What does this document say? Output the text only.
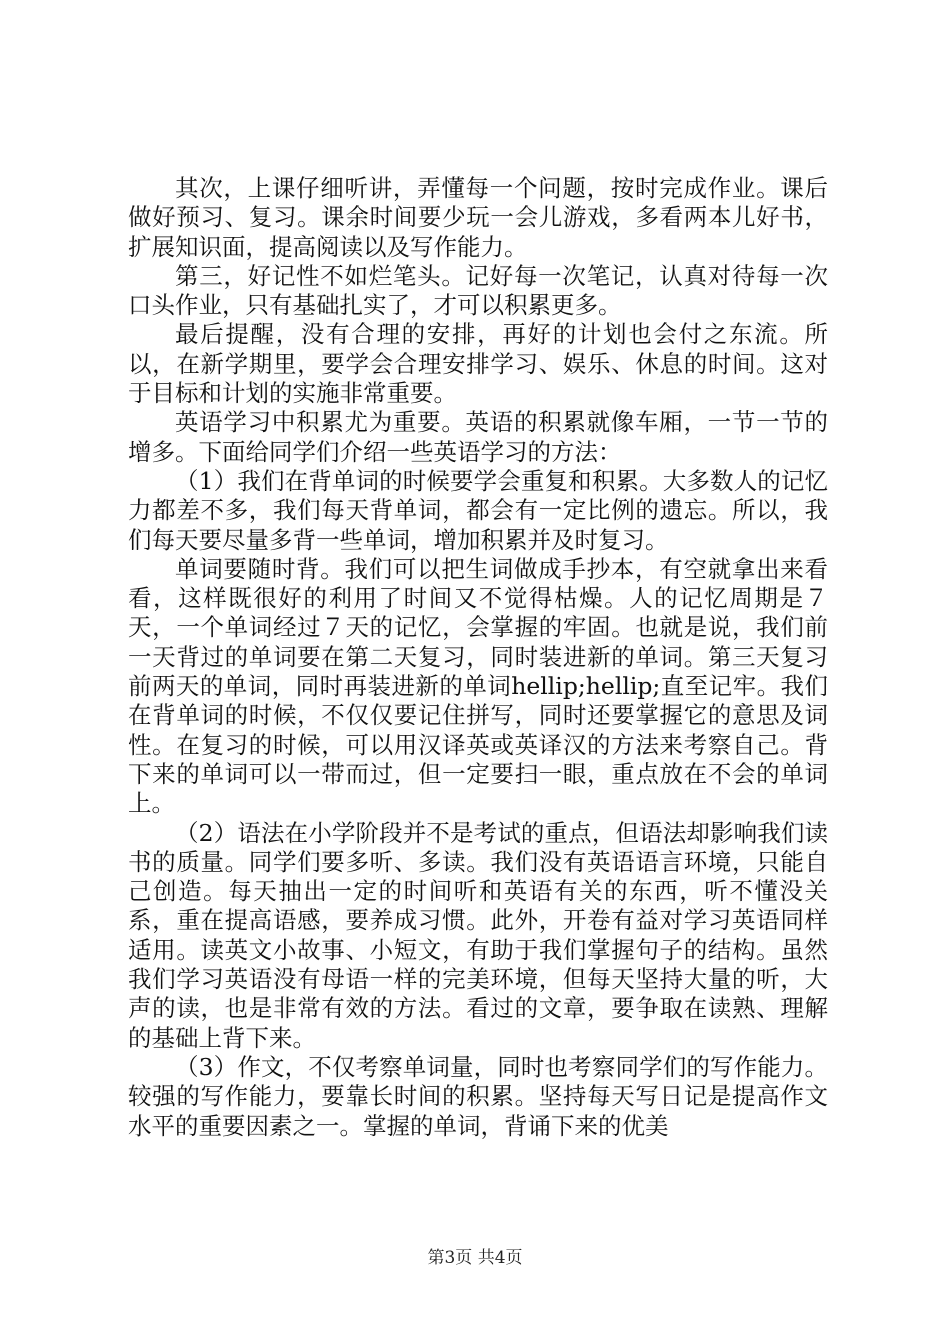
其次，上课仔细听讲，弄懂每一个问题，按时完成作业。课后做好预习、复习。课余时间要少玩一会儿游戏，多看两本儿好书，扩展知识面，提高阅读以及写作能力。

第三，好记性不如烂笔头。记好每一次笔记，认真对待每一次口头作业，只有基础扎实了，才可以积累更多。

最后提醒，没有合理的安排，再好的计划也会付之东流。所以，在新学期里，要学会合理安排学习、娱乐、休息的时间。这对于目标和计划的实施非常重要。

英语学习中积累尤为重要。英语的积累就像车厢，一节一节的增多。下面给同学们介绍一些英语学习的方法：

（1）我们在背单词的时候要学会重复和积累。大多数人的记忆力都差不多，我们每天背单词，都会有一定比例的遗忘。所以，我们每天要尽量多背一些单词，增加积累并及时复习。

单词要随时背。我们可以把生词做成手抄本，有空就拿出来看看，这样既很好的利用了时间又不觉得枯燥。人的记忆周期是７天，一个单词经过７天的记忆，会掌握的牢固。也就是说，我们前一天背过的单词要在第二天复习，同时装进新的单词。第三天复习前两天的单词，同时再装进新的单词hellip;hellip;直至记牢。我们在背单词的时候，不仅仅要记住拼写，同时还要掌握它的意思及词性。在复习的时候，可以用汉译英或英译汉的方法来考察自己。背下来的单词可以一带而过，但一定要扫一眼，重点放在不会的单词上。

（2）语法在小学阶段并不是考试的重点，但语法却影响我们读书的质量。同学们要多听、多读。我们没有英语语言环境，只能自己创造。每天抽出一定的时间听和英语有关的东西，听不懂没关系，重在提高语感，要养成习惯。此外，开卷有益对学习英语同样适用。读英文小故事、小短文，有助于我们掌握句子的结构。虽然我们学习英语没有母语一样的完美环境，但每天坚持大量的听，大声的读，也是非常有效的方法。看过的文章，要争取在读熟、理解的基础上背下来。

（3）作文，不仅考察单词量，同时也考察同学们的写作能力。较强的写作能力，要靠长时间的积累。坚持每天写日记是提高作文水平的重要因素之一。掌握的单词，背诵下来的优美

第3页 共4页
